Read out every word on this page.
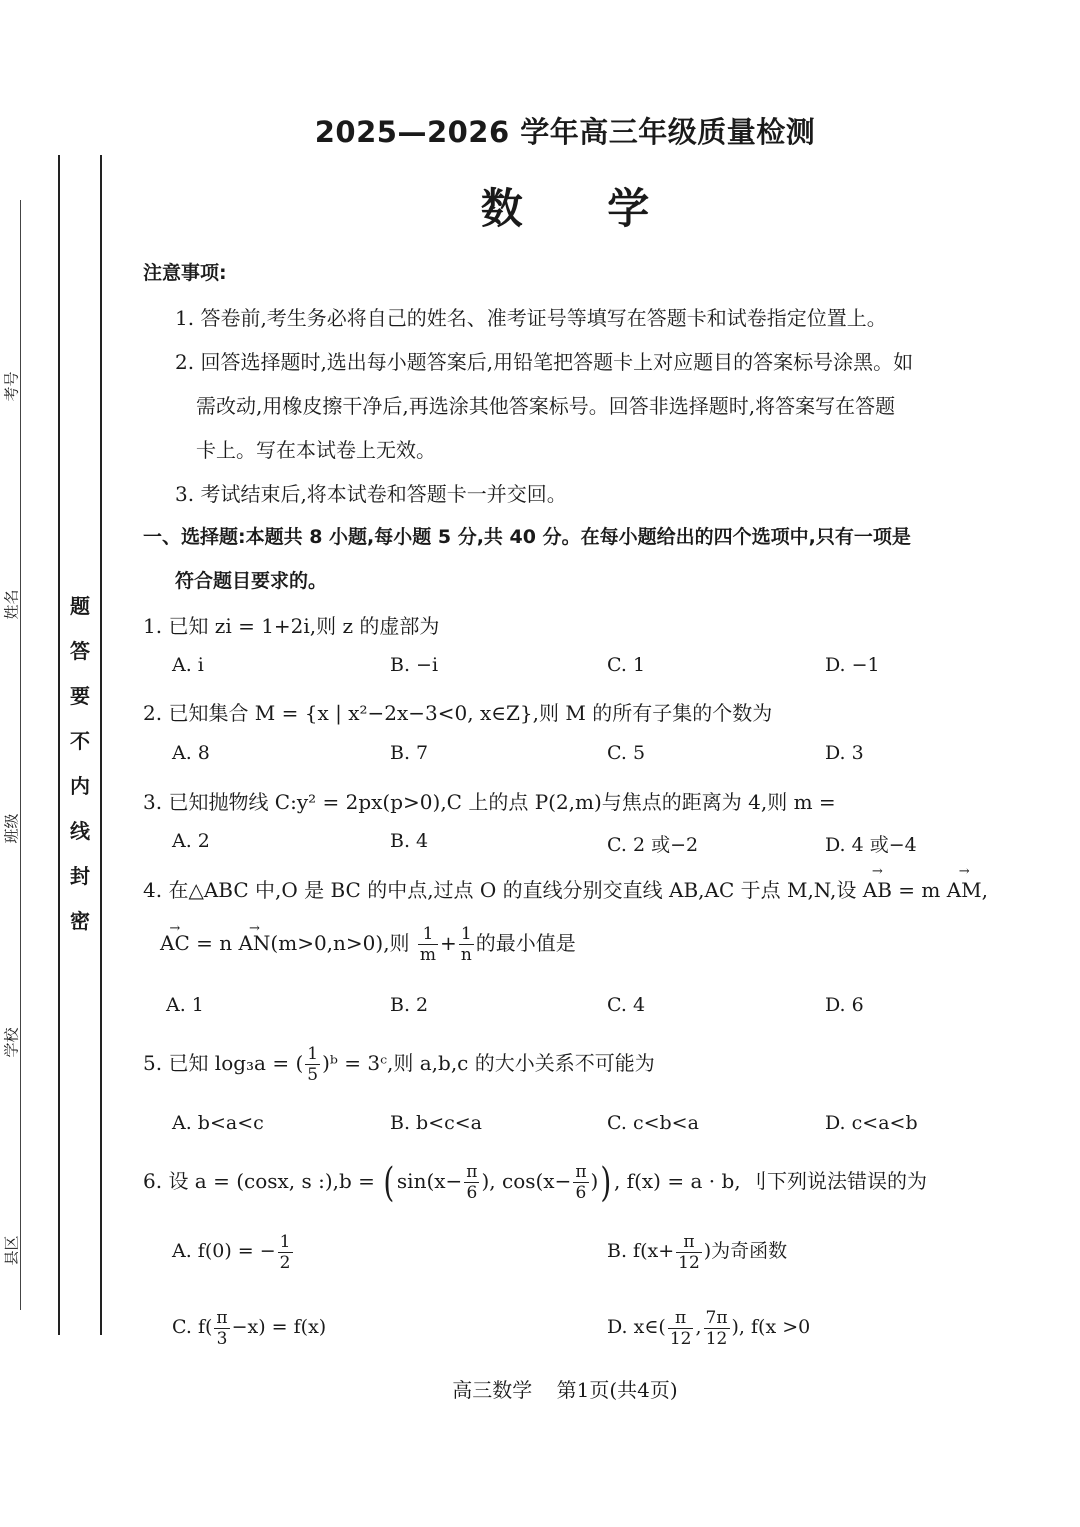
考号
姓名
班级
学校
县区
题
答
要
不
内
线
封
密
2025—2026 学年高三年级质量检测
数 学
注意事项:
1. 答卷前,考生务必将自己的姓名、准考证号等填写在答题卡和试卷指定位置上。
2. 回答选择题时,选出每小题答案后,用铅笔把答题卡上对应题目的答案标号涂黑。如
需改动,用橡皮擦干净后,再选涂其他答案标号。回答非选择题时,将答案写在答题
卡上。写在本试卷上无效。
3. 考试结束后,将本试卷和答题卡一并交回。
一、选择题:本题共 8 小题,每小题 5 分,共 40 分。在每小题给出的四个选项中,只有一项是
符合题目要求的。
1. 已知 zi = 1+2i,则 z 的虚部为
A. i	B. −i	C. 1	D. −1
2. 已知集合 M = {x | x²−2x−3<0, x∈Z},则 M 的所有子集的个数为
A. 8	B. 7	C. 5	D. 3
3. 已知抛物线 C:y² = 2px(p>0),C 上的点 P(2,m)与焦点的距离为 4,则 m =
A. 2	B. 4	C. 2 或−2	D. 4 或−4
4. 在△ABC 中,O 是 BC 的中点,过点 O 的直线分别交直线 AB,AC 于点 M,N,设 → AB = m → AM,
→ AC = n → AN(m>0,n>0),则 $\frac{1}{m} + \frac{1}{n}$ 的最小值是
A. 1	B. 2	C. 4	D. 6
5. 已知 log₃a = ( $\frac{1}{5}$ )ᵇ = 3ᶜ,则 a,b,c 的大小关系不可能为
A. b<a<c	B. b<c<a	C. c<b<a	D. c<a<b
6. 设 a = (cosx, s :),b = ( $\sin(x- \frac{\pi}{6}$ ), $\cos(x- \frac{\pi}{6}$ )) , f(x) = a · b, 刂下列说法错误的为
A. f(0) = − $\frac{1}{2}$	B. $f(x+ \frac{\pi}{12}$ )为奇函数
C. $f( \frac{\pi}{3} -x) = f(x)$	D. x∈( $\frac{\pi}{12}$ , $\frac{7\pi}{12}$ ), f(x >0
高三数学 第1页(共4页)
